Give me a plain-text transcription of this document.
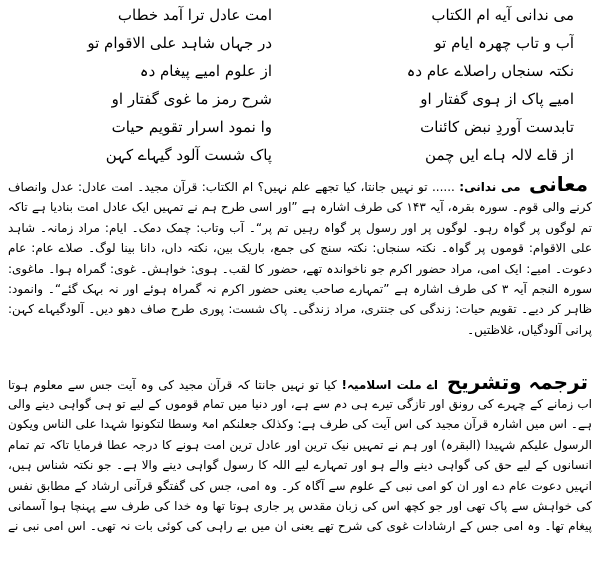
می ندانی آیه ام الکتاب
امت عادل ترا آمد خطاب
آب و تاب چهرہ ایام تو
در جہاں شاہد علی الاقوام تو
نکتہ سنجاں راصلاے عام دہ
از علوم امیے پیغام دہ
امیے پاک از ہوی گفتار او
شرح رمز ما غوی گفتار او
تابدست آوردِ نبض کائنات
وا نمود اسرار تقویم حیات
از قاے لالہ ہاے ایں چمن
پاک شست آلود گیہاے کہن
معانی می ندانی: ...... تو نہیں جانتا، کیا تجھے علم نہیں؟ ام الکتاب: قرآن مجید۔ امت عادل: عدل وانصاف کرنے والی قوم۔ سورہ بقرہ، آیہ ۱۴۳ کی طرف اشارہ ہے ”اور اسی طرح ہم نے تمہیں ایک عادل امت بنادیا ہے تاکہ تم لوگوں پر گواہ رہو۔ لوگوں پر اور رسول پر گواہ رہیں تم پر“۔ آب وتاب: چمک دمک۔ ایام: مراد زمانہ۔ شاہد علی الاقوام: قوموں پر گواہ۔ نکتہ سنجاں: نکتہ سنج کی جمع، باریک بین، نکتہ داں، دانا بینا لوگ۔ صلاے عام: عام دعوت۔ امیے: ایک امی، مراد حضور اکرم جو ناخواندہ تھے، حضور کا لقب۔ ہوی: خواہش۔ غوی: گمراہ ہوا۔ ماغوی: سورہ النجم آیہ ۳ کی طرف اشارہ ہے ”تمہارے صاحب یعنی حضور اکرم نہ گمراہ ہوئے اور نہ بہک گئے“۔ وانمود: ظاہر کر دیے۔ تقویم حیات: زندگی کی جنتری، مراد زندگی۔ پاک شست: پوری طرح صاف دھو دیں۔ آلودگیہاے کہن: پرانی آلودگیاں، غلاظتیں۔
ترجمہ وتشریح اے ملت اسلامیہ! کیا تو نہیں جانتا کہ قرآن مجید کی وہ آیت جس سے معلوم ہوتا
اب زمانے کے چہرے کی رونق اور تازگی تیرے ہی دم سے ہے، اور دنیا میں تمام قوموں کے لیے تو ہی گواہی دینے والی ہے۔ اس میں اشارہ قرآن مجید کی اس آیت کی طرف ہے: وکذلک جعلنکم امۃ وسطا لتکونوا شہدا علی الناس ویکون الرسول علیکم شہیدا (البقرہ) اور ہم نے تمہیں نیک ترین اور عادل ترین امت ہونے کا درجہ عطا فرمایا تاکہ تم تمام انسانوں کے لیے حق کی گواہی دینے والے ہو اور تمہارے لیے اللہ کا رسول گواہی دینے والا ہے۔ جو نکتہ شناس ہیں، انہیں دعوت عام دے اور ان کو امی نبی کے علوم سے آگاہ کر۔ وہ امی، جس کی گفتگو قرآنی ارشاد کے مطابق نفس کی خواہش سے پاک تھی اور جو کچھ اس کی زبان مقدس پر جاری ہوتا تھا وہ خدا کی طرف سے پہنچا ہوا آسمانی پیغام تھا۔ وہ امی جس کے ارشادات غوی کی شرح تھے یعنی ان میں بے راہی کی کوئی بات نہ تھی۔ اس امی نبی نے
